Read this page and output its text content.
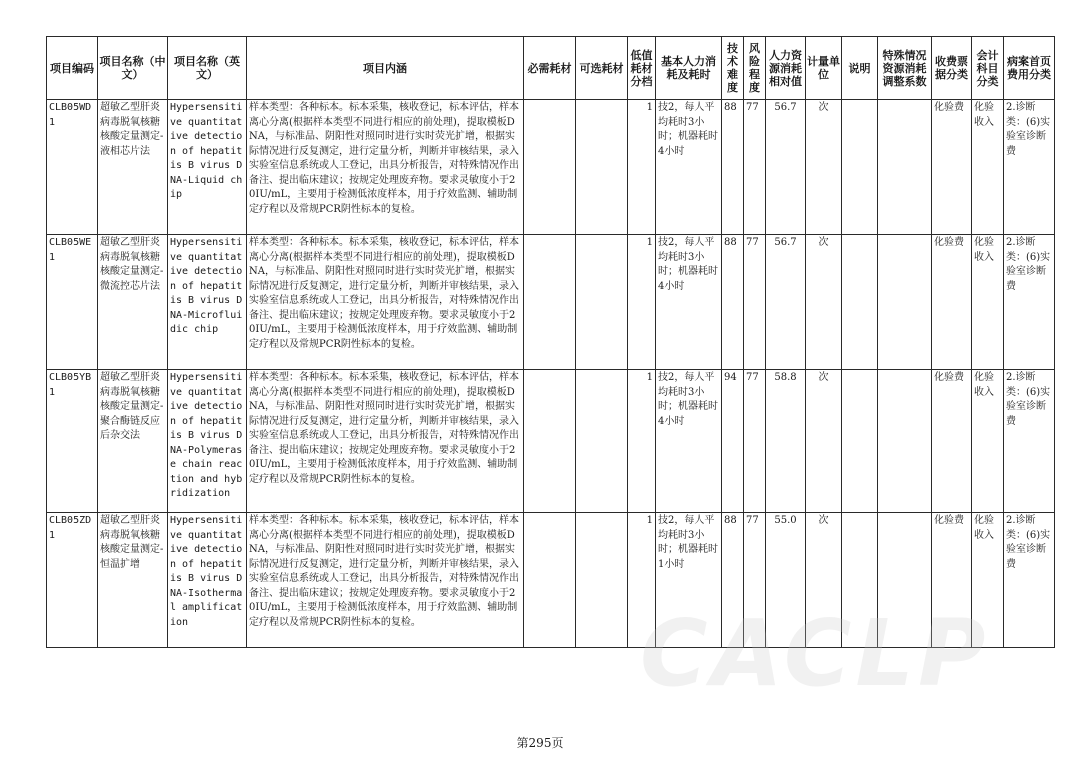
项目编码	项目名称（中文）	项目名称（英文）	项目内涵	必需耗材	可选耗材	低值耗材分档	基本人力消耗及耗时	技术难度	风险程度	人力资源消耗相对值	计量单位	说明	特殊情况资源消耗调整系数	收费票据分类	会计科目分类	病案首页费用分类
CLB05WD1	超敏乙型肝炎病毒脱氧核糖核酸定量测定-液相芯片法	Hypersensitive quantitative detection of hepatitis B virus DNA-Liquid chip	样本类型：各种标本。标本采集，核收登记，标本评估，样本离心分离(根据样本类型不同进行相应的前处理)，提取模板DNA，与标准品、阴阳性对照同时进行实时荧光扩增，根据实际情况进行反复测定，进行定量分析，判断并审核结果，录入实验室信息系统或人工登记，出具分析报告，对特殊情况作出备注、提出临床建议；按规定处理废弃物。要求灵敏度小于20IU/mL，主要用于检测低浓度样本，用于疗效监测、辅助制定疗程以及常规PCR阴性标本的复检。			1	技2，每人平均耗时3小时；机器耗时4小时	88	77	56.7	次			化验费	化验收入	2.诊断类：(6)实验室诊断费
CLB05WE1	超敏乙型肝炎病毒脱氧核糖核酸定量测定-微流控芯片法	Hypersensitive quantitative detection of hepatitis B virus DNA-Microfluidic chip	样本类型：各种标本。标本采集，核收登记，标本评估，样本离心分离(根据样本类型不同进行相应的前处理)，提取模板DNA，与标准品、阴阳性对照同时进行实时荧光扩增，根据实际情况进行反复测定，进行定量分析，判断并审核结果，录入实验室信息系统或人工登记，出具分析报告，对特殊情况作出备注、提出临床建议；按规定处理废弃物。要求灵敏度小于20IU/mL，主要用于检测低浓度样本，用于疗效监测、辅助制定疗程以及常规PCR阴性标本的复检。			1	技2，每人平均耗时3小时；机器耗时4小时	88	77	56.7	次			化验费	化验收入	2.诊断类：(6)实验室诊断费
CLB05YB1	超敏乙型肝炎病毒脱氧核糖核酸定量测定-聚合酶链反应后杂交法	Hypersensitive quantitative detection of hepatitis B virus DNA-Polymerase chain reaction and hybridization	样本类型：各种标本。标本采集，核收登记，标本评估，样本离心分离(根据样本类型不同进行相应的前处理)，提取模板DNA，与标准品、阴阳性对照同时进行实时荧光扩增，根据实际情况进行反复测定，进行定量分析，判断并审核结果，录入实验室信息系统或人工登记，出具分析报告，对特殊情况作出备注、提出临床建议；按规定处理废弃物。要求灵敏度小于20IU/mL，主要用于检测低浓度样本，用于疗效监测、辅助制定疗程以及常规PCR阴性标本的复检。			1	技2，每人平均耗时3小时；机器耗时4小时	94	77	58.8	次			化验费	化验收入	2.诊断类：(6)实验室诊断费
CLB05ZD1	超敏乙型肝炎病毒脱氧核糖核酸定量测定-恒温扩增	Hypersensitive quantitative detection of hepatitis B virus DNA-Isothermal amplification	样本类型：各种标本。标本采集，核收登记，标本评估，样本离心分离(根据样本类型不同进行相应的前处理)，提取模板DNA，与标准品、阴阳性对照同时进行实时荧光扩增，根据实际情况进行反复测定，进行定量分析，判断并审核结果，录入实验室信息系统或人工登记，出具分析报告，对特殊情况作出备注、提出临床建议；按规定处理废弃物。要求灵敏度小于20IU/mL，主要用于检测低浓度样本，用于疗效监测、辅助制定疗程以及常规PCR阴性标本的复检。			1	技2，每人平均耗时3小时；机器耗时1小时	88	77	55.0	次			化验费	化验收入	2.诊断类：(6)实验室诊断费
CACLP
第295页
